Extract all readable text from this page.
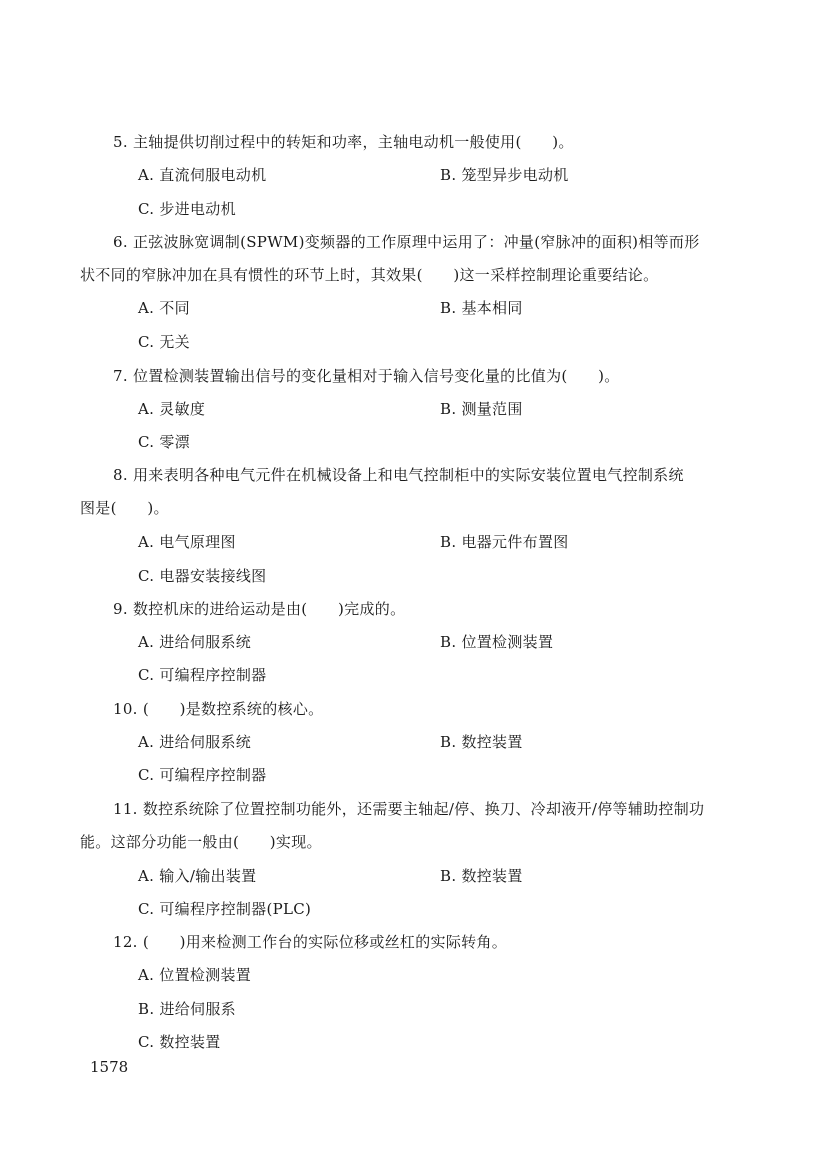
5. 主轴提供切削过程中的转矩和功率，主轴电动机一般使用(　　)。
A. 直流伺服电动机	B. 笼型异步电动机
C. 步进电动机
6. 正弦波脉宽调制(SPWM)变频器的工作原理中运用了：冲量(窄脉冲的面积)相等而形
状不同的窄脉冲加在具有惯性的环节上时，其效果(　　)这一采样控制理论重要结论。
A. 不同	B. 基本相同
C. 无关
7. 位置检测装置输出信号的变化量相对于输入信号变化量的比值为(　　)。
A. 灵敏度	B. 测量范围
C. 零漂
8. 用来表明各种电气元件在机械设备上和电气控制柜中的实际安装位置电气控制系统
图是(　　)。
A. 电气原理图	B. 电器元件布置图
C. 电器安装接线图
9. 数控机床的进给运动是由(　　)完成的。
A. 进给伺服系统	B. 位置检测装置
C. 可编程序控制器
10. (　　)是数控系统的核心。
A. 进给伺服系统	B. 数控装置
C. 可编程序控制器
11. 数控系统除了位置控制功能外，还需要主轴起/停、换刀、冷却液开/停等辅助控制功
能。这部分功能一般由(　　)实现。
A. 输入/输出装置	B. 数控装置
C. 可编程序控制器(PLC)
12. (　　)用来检测工作台的实际位移或丝杠的实际转角。
A. 位置检测装置
B. 进给伺服系
C. 数控装置
1578
